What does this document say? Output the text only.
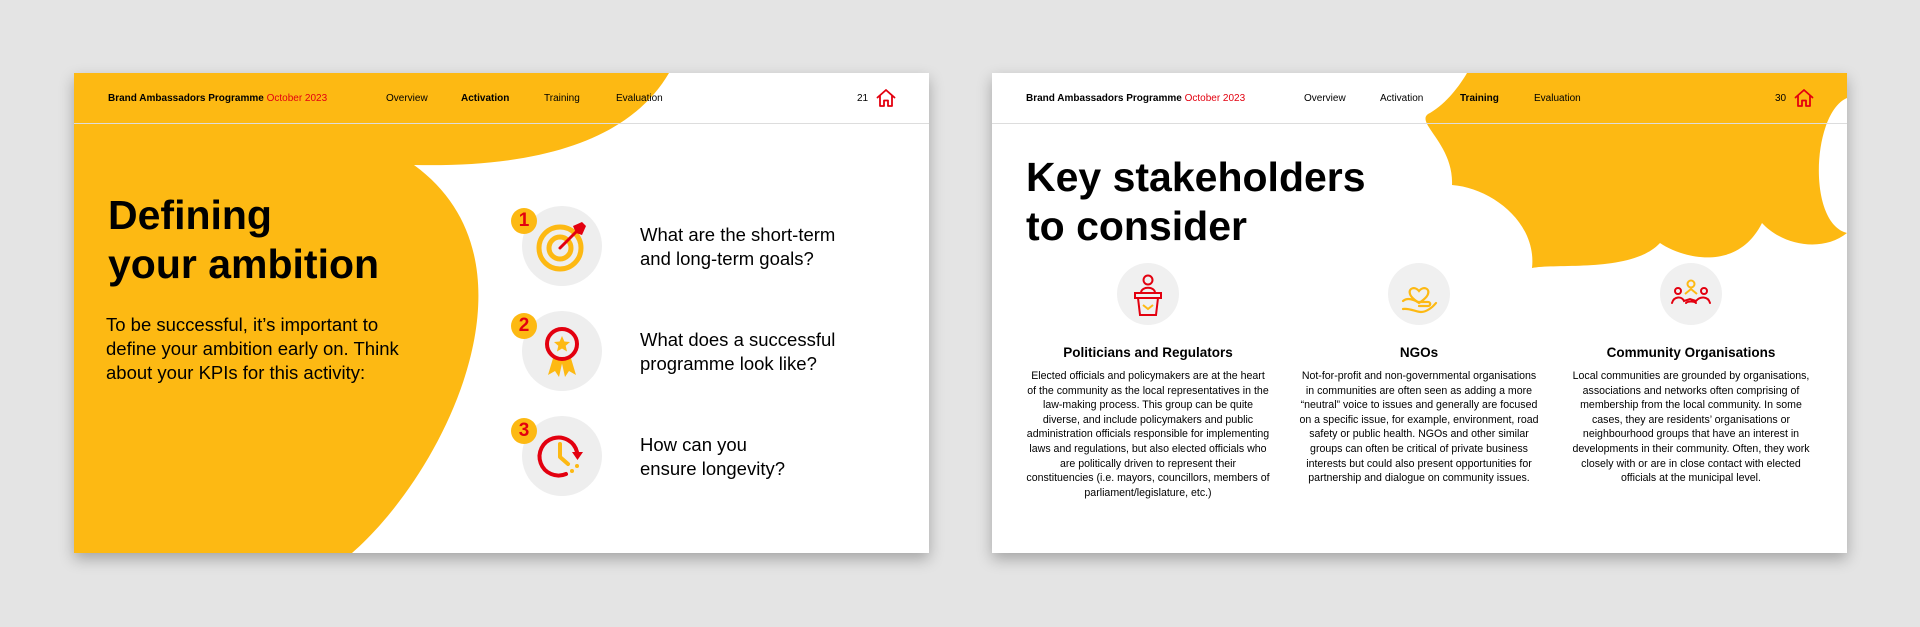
Brand Ambassadors Programme October 2023	Overview	Activation	Training	Evaluation	21
Defining
your ambition
To be successful, it’s important to define your ambition early on. Think about your KPIs for this activity:
1
What are the short-term
and long-term goals?
2
What does a successful
programme look like?
3
How can you
ensure longevity?
Brand Ambassadors Programme October 2023	Overview	Activation	Training	Evaluation	30
Key stakeholders
to consider
Politicians and Regulators

Elected officials and policymakers are at the heart of the community as the local representatives in the law-making process. This group can be quite diverse, and include policymakers and public administration officials responsible for implementing laws and regulations, but also elected officials who are politically driven to represent their constituencies (i.e. mayors, councillors, members of parliament/legislature, etc.)

NGOs

Not-for-profit and non-governmental organisations in communities are often seen as adding a more “neutral” voice to issues and generally are focused on a specific issue, for example, environment, road safety or public health. NGOs and other similar groups can often be critical of private business interests but could also present opportunities for partnership and dialogue on community issues.

Community Organisations

Local communities are grounded by organisations, associations and networks often comprising of membership from the local community. In some cases, they are residents’ organisations or neighbourhood groups that have an interest in developments in their community. Often, they work closely with or are in close contact with elected officials at the municipal level.
